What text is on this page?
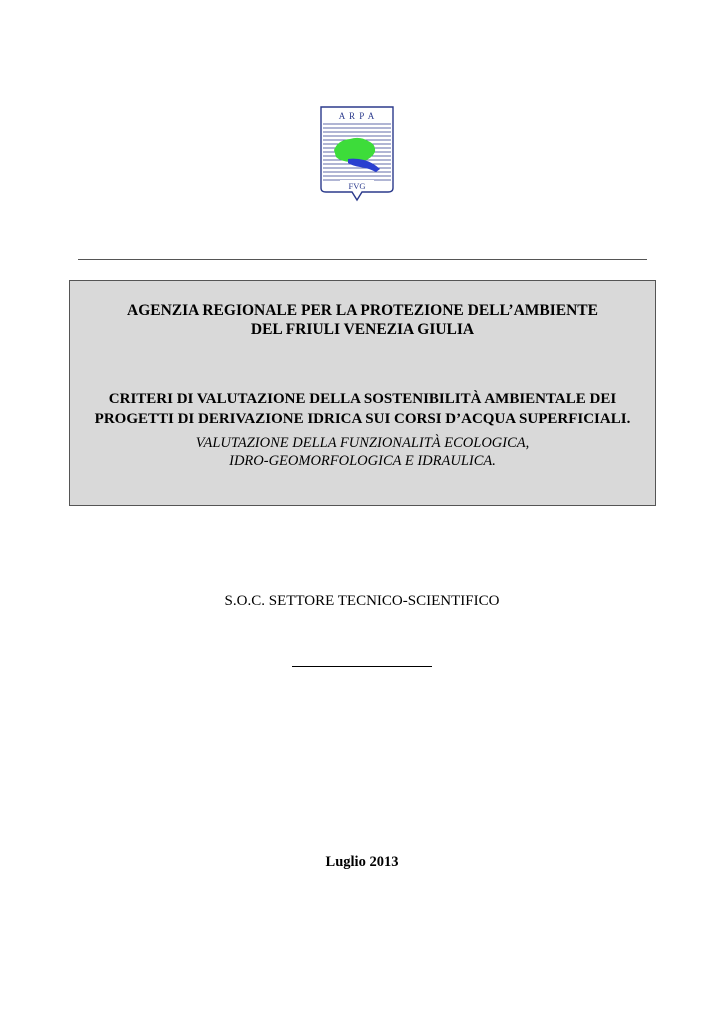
A R P A
FVG
AGENZIA REGIONALE PER LA PROTEZIONE DELL’AMBIENTE
DEL FRIULI VENEZIA GIULIA
CRITERI DI VALUTAZIONE DELLA SOSTENIBILITÀ AMBIENTALE DEI
PROGETTI DI DERIVAZIONE IDRICA SUI CORSI D’ACQUA SUPERFICIALI.

VALUTAZIONE DELLA FUNZIONALITÀ ECOLOGICA,
IDRO-GEOMORFOLOGICA E IDRAULICA.

S.O.C. SETTORE TECNICO-SCIENTIFICO
Luglio 2013
